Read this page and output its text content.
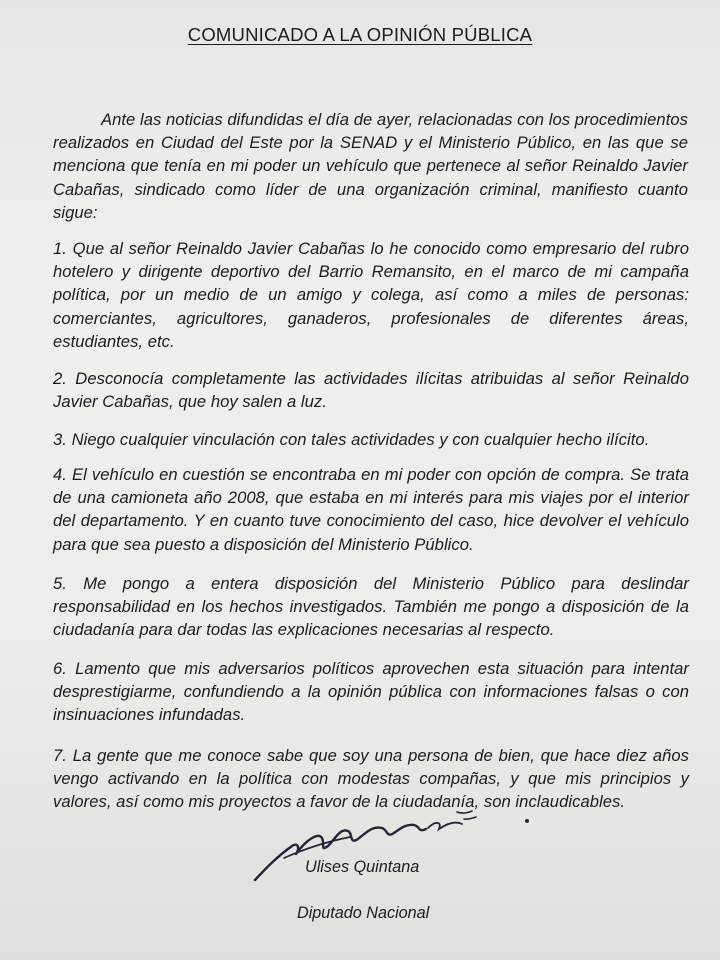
COMUNICADO A LA OPINIÓN PÚBLICA

Ante las noticias difundidas el día de ayer, relacionadas con los procedimientos realizados en Ciudad del Este por la SENAD y el Ministerio Público, en las que se menciona que tenía en mi poder un vehículo que pertenece al señor Reinaldo Javier Cabañas, sindicado como líder de una organización criminal, manifiesto cuanto sigue:

1. Que al señor Reinaldo Javier Cabañas lo he conocido como empresario del rubro hotelero y dirigente deportivo del Barrio Remansito, en el marco de mi campaña política, por un medio de un amigo y colega, así como a miles de personas: comerciantes, agricultores, ganaderos, profesionales de diferentes áreas, estudiantes, etc.

2. Desconocía completamente las actividades ilícitas atribuidas al señor Reinaldo Javier Cabañas, que hoy salen a luz.

3. Niego cualquier vinculación con tales actividades y con cualquier hecho ilícito.

4. El vehículo en cuestión se encontraba en mi poder con opción de compra. Se trata de una camioneta año 2008, que estaba en mi interés para mis viajes por el interior del departamento. Y en cuanto tuve conocimiento del caso, hice devolver el vehículo para que sea puesto a disposición del Ministerio Público.

5. Me pongo a entera disposición del Ministerio Público para deslindar responsabilidad en los hechos investigados. También me pongo a disposición de la ciudadanía para dar todas las explicaciones necesarias al respecto.

6. Lamento que mis adversarios políticos aprovechen esta situación para intentar desprestigiarme, confundiendo a la opinión pública con informaciones falsas o con insinuaciones infundadas.

7. La gente que me conoce sabe que soy una persona de bien, que hace diez años vengo activando en la política con modestas compañas, y que mis principios y valores, así como mis proyectos a favor de la ciudadanía, son inclaudicables.

Ulises Quintana
Diputado Nacional
